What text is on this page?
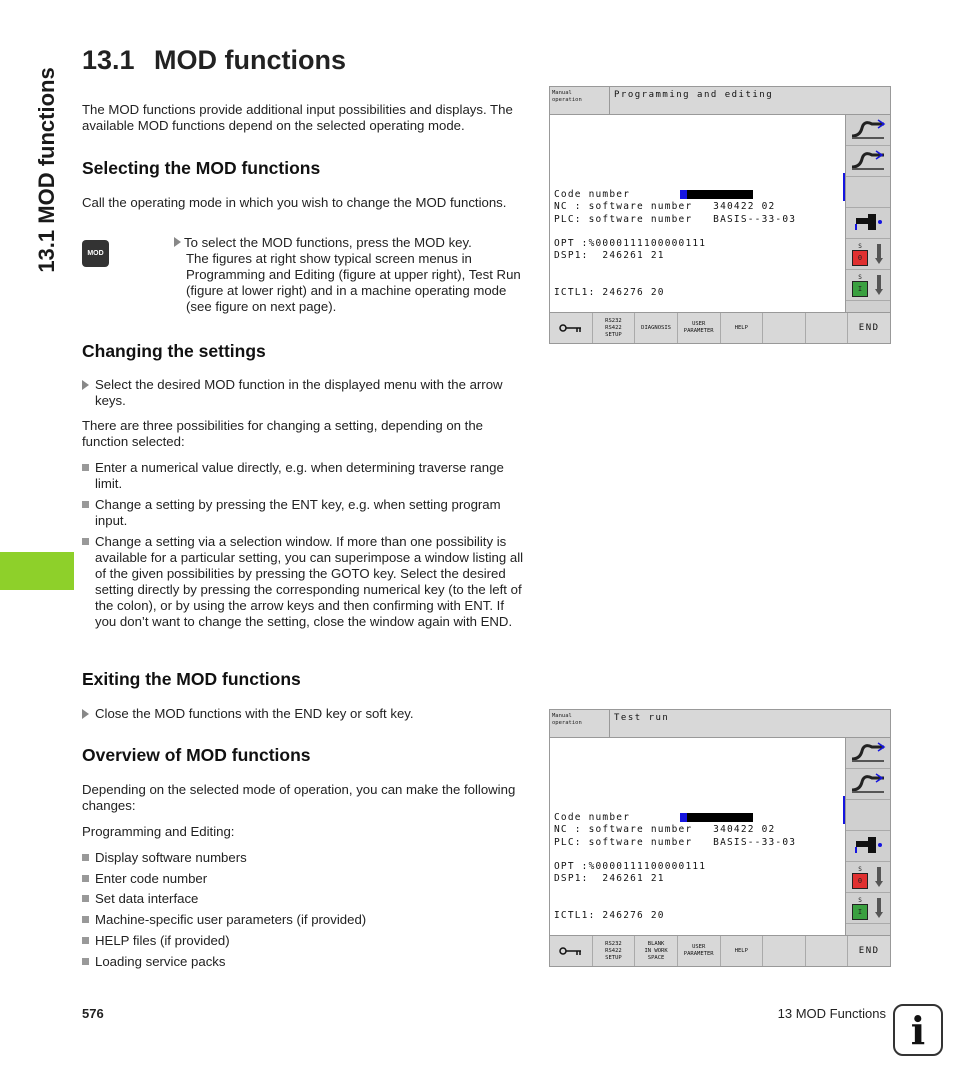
13.1 MOD functions
13.1 MOD functions

The MOD functions provide additional input possibilities and displays. The available MOD functions depend on the selected operating mode.

Selecting the MOD functions

Call the operating mode in which you wish to change the MOD functions.

MOD
To select the MOD functions, press the MOD key.
The figures at right show typical screen menus in Programming and Editing (figure at upper right), Test Run (figure at lower right) and in a machine operating mode (see figure on next page).
Changing the settings
Select the desired MOD function in the displayed menu with the arrow keys.

There are three possibilities for changing a setting, depending on the function selected:

Enter a numerical value directly, e.g. when determining traverse range limit.
Change a setting by pressing the ENT key, e.g. when setting program input.
Change a setting via a selection window. If more than one possibility is available for a particular setting, you can superimpose a window listing all of the given possibilities by pressing the GOTO key. Select the desired setting directly by pressing the corresponding numerical key (to the left of the colon), or by using the arrow keys and then confirming with ENT. If you don’t want to change the setting, close the window again with END.
Exiting the MOD functions
Close the MOD functions with the END key or soft key.
Overview of MOD functions

Depending on the selected mode of operation, you can make the following changes:

Programming and Editing:

Display software numbers
Enter code number
Set data interface
Machine-specific user parameters (if provided)
HELP files (if provided)
Loading service packs
Manual
operation	Programming and editing
Code number
NC : software number   340422 02
PLC: software number   BASIS--33-03

OPT :%0000111100000111
DSP1:  246261 21

ICTL1: 246276 20
S
0
S
I
RS232
RS422
SETUP
DIAGNOSIS
USER
PARAMETER
HELP	END
Manual
operation	Test run
Code number
NC : software number   340422 02
PLC: software number   BASIS--33-03

OPT :%0000111100000111
DSP1:  246261 21

ICTL1: 246276 20
S
0
S
I
RS232
RS422
SETUP
BLANK
IN WORK
SPACE
USER
PARAMETER
HELP	END
576	13 MOD Functions i
